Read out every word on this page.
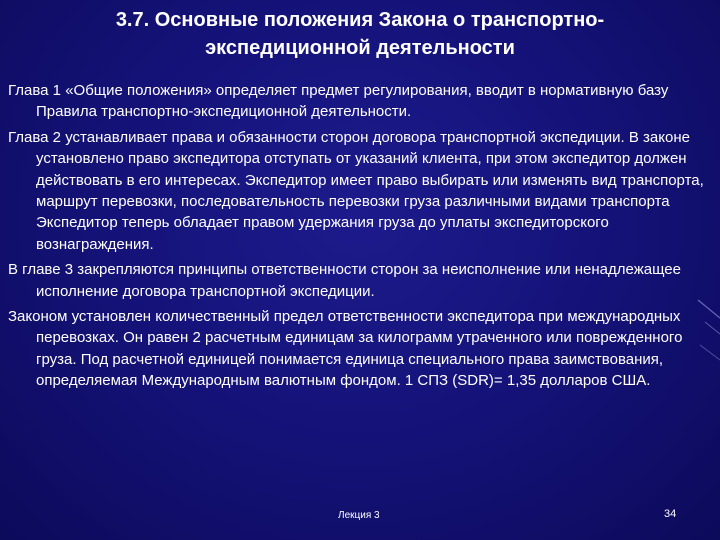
3.7. Основные положения Закона о транспортно-
экспедиционной деятельности

Глава 1 «Общие положения» определяет предмет регулирования, вводит в нормативную базу Правила транспортно-экспедиционной деятельности.

Глава 2 устанавливает права и обязанности сторон договора транспортной экспедиции. В законе установлено право экспедитора отступать от указаний клиента, при этом экспедитор должен действовать в его интересах. Экспедитор имеет право выбирать или изменять вид транспорта, маршрут перевозки, последовательность перевозки груза различными видами транспорта Экспедитор теперь обладает правом удержания груза до уплаты экспедиторского вознаграждения.

В главе 3 закрепляются принципы ответственности сторон за неисполнение или ненадлежащее исполнение договора транспортной экспедиции.

Законом установлен количественный предел ответственности экспедитора при международных перевозках. Он равен 2 расчетным единицам за килограмм утраченного или поврежденного груза. Под расчетной единицей понимается единица специального права заимствования, определяемая Международным валютным фондом. 1 СПЗ (SDR)= 1,35 долларов США.

Лекция 3	34
